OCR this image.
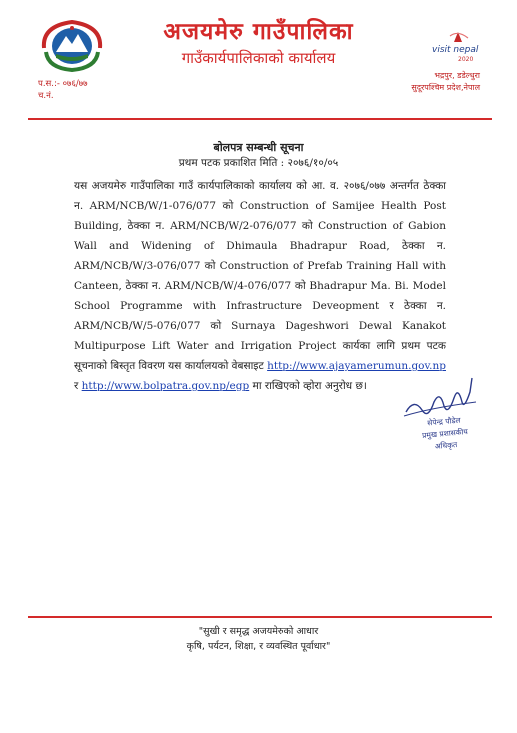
अजयमेरु गाउँपालिका
गाउँकार्यपालिकाको कार्यालय
प.स.:- ०७६/७७
च.नं.
visit nepal
2020
भद्रपुर, डडेल्धुरा
सुदूरपश्चिम प्रदेश,नेपाल
बोलपत्र सम्बन्धी सूचना
प्रथम पटक प्रकाशित मिति : २०७६/१०/०५
यस अजयमेरु गाउँपालिका गाउँ कार्यपालिकाको कार्यालय को आ. व. २०७६/०७७ अन्तर्गत ठेक्का न. ARM/NCB/W/1-076/077 को Construction of Samijee Health Post Building, ठेक्का न. ARM/NCB/W/2-076/077 को Construction of Gabion Wall and Widening of Dhimaula Bhadrapur Road, ठेक्का न. ARM/NCB/W/3-076/077 को Construction of Prefab Training Hall with Canteen, ठेक्का न. ARM/NCB/W/4-076/077 को Bhadrapur Ma. Bi. Model School Programme with Infrastructure Deveopment र ठेक्का न. ARM/NCB/W/5-076/077 को Surnaya Dageshwori Dewal Kanakot Multipurpose Lift Water and Irrigation Project कार्यका लागि प्रथम पटक सूचनाको बिस्तृत विवरण यस कार्यालयको वेबसाइट http://www.ajayamerumun.gov.np र http://www.bolpatra.gov.np/egp मा राखिएको व्होरा अनुरोध छ।
सेपेन्द्र पौडेल
प्रमुख प्रशासकीय अधिकृत
"सुखी र समृद्ध अजयमेरुको आधार
कृषि, पर्यटन, शिक्षा, र व्यवस्थित पूर्वाधार"
